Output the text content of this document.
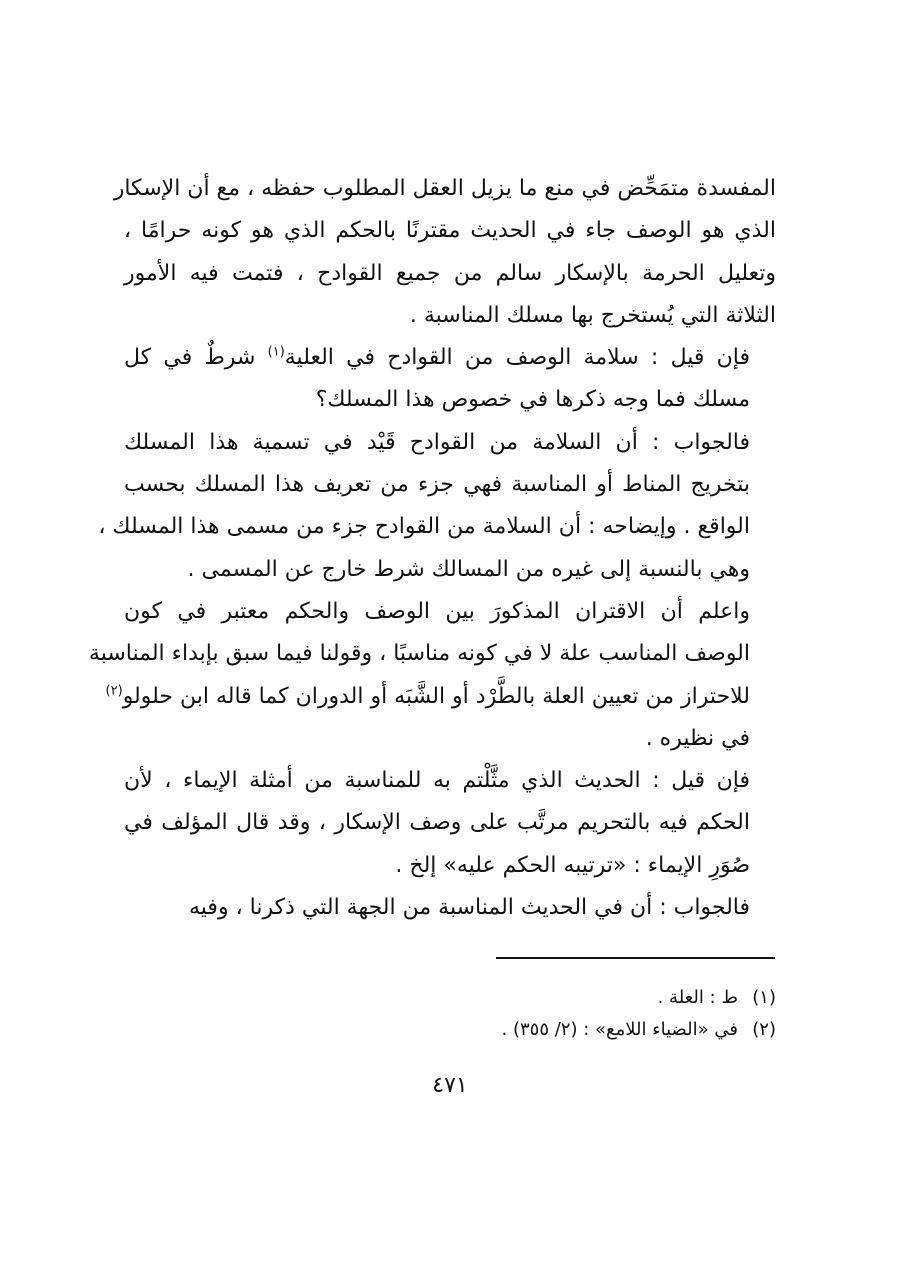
المفسدة متمَحِّض في منع ما يزيل العقل المطلوب حفظه ، مع أن الإسكار
الذي هو الوصف جاء في الحديث مقترنًا بالحكم الذي هو كونه حرامًا ،
وتعليل الحرمة بالإسكار سالم من جميع القوادح ، فتمت فيه الأمور
الثلاثة التي يُستخرج بها مسلك المناسبة .

فإن قيل : سلامة الوصف من القوادح في العلية$^{(١)}$ شرطٌ في كل
مسلك فما وجه ذكرها في خصوص هذا المسلك؟

فالجواب : أن السلامة من القوادح قَيْد في تسمية هذا المسلك
بتخريج المناط أو المناسبة فهي جزء من تعريف هذا المسلك بحسب
الواقع . وإيضاحه : أن السلامة من القوادح جزء من مسمى هذا المسلك ،
وهي بالنسبة إلى غيره من المسالك شرط خارج عن المسمى .

واعلم أن الاقتران المذكورَ بين الوصف والحكم معتبر في كون
الوصف المناسب علة لا في كونه مناسبًا ، وقولنا فيما سبق بإبداء المناسبة
للاحتراز من تعيين العلة بالطَّرْد أو الشَّبَه أو الدوران كما قاله ابن حلولو$^{(٢)}$
في نظيره .

فإن قيل : الحديث الذي مثَّلْتم به للمناسبة من أمثلة الإيماء ، لأن
الحكم فيه بالتحريم مرتَّب على وصف الإسكار ، وقد قال المؤلف في
صُوَرِ الإيماء : «ترتيبه الحكم عليه» إلخ .

فالجواب : أن في الحديث المناسبة من الجهة التي ذكرنا ، وفيه

(١)ط : العلة .
(٢)في «الضياء اللامع» : (٢/ ٣٥٥) .
٤٧١
